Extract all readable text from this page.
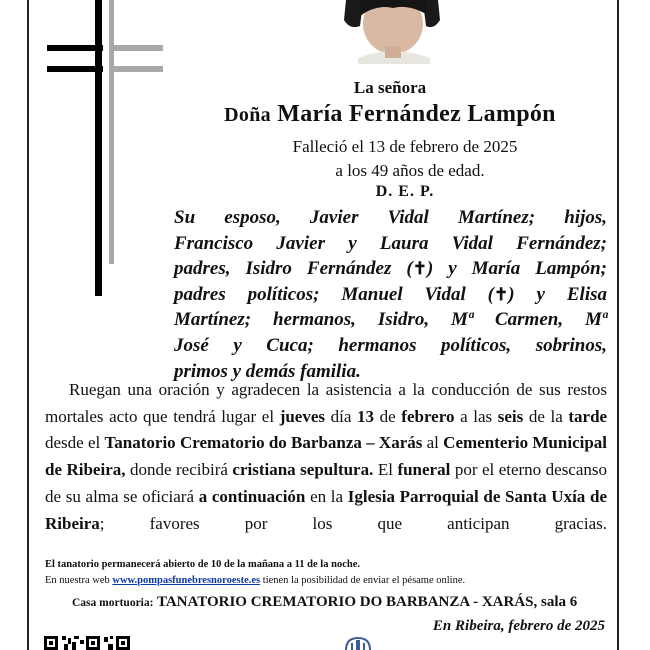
La señora
Doña María Fernández Lampón
Falleció el 13 de febrero de 2025
a los 49 años de edad.
D. E. P.
Su esposo, Javier Vidal Martínez; hijos,
Francisco Javier y Laura Vidal Fernández;
padres, Isidro Fernández (✝) y María Lampón;
padres políticos; Manuel Vidal (✝) y Elisa
Martínez; hermanos, Isidro, Mª Carmen, Mª
José y Cuca; hermanos políticos, sobrinos,
primos y demás familia.
Ruegan una oración y agradecen la asistencia a la conducción de sus restos mortales acto que tendrá lugar el jueves día 13 de febrero a las seis de la tarde desde el Tanatorio Crematorio do Barbanza – Xarás al Cementerio Municipal de Ribeira, donde recibirá cristiana sepultura. El funeral por el eterno descanso de su alma se oficiará a continuación en la Iglesia Parroquial de Santa Uxía de Ribeira; favores por los que anticipan gracias.
El tanatorio permanecerá abierto de 10 de la mañana a 11 de la noche.
En nuestra web www.pompasfunebresnoroeste.es tienen la posibilidad de enviar el pésame online.
Casa mortuoria: TANATORIO CREMATORIO DO BARBANZA - XARÁS, sala 6
En Ribeira, febrero de 2025
